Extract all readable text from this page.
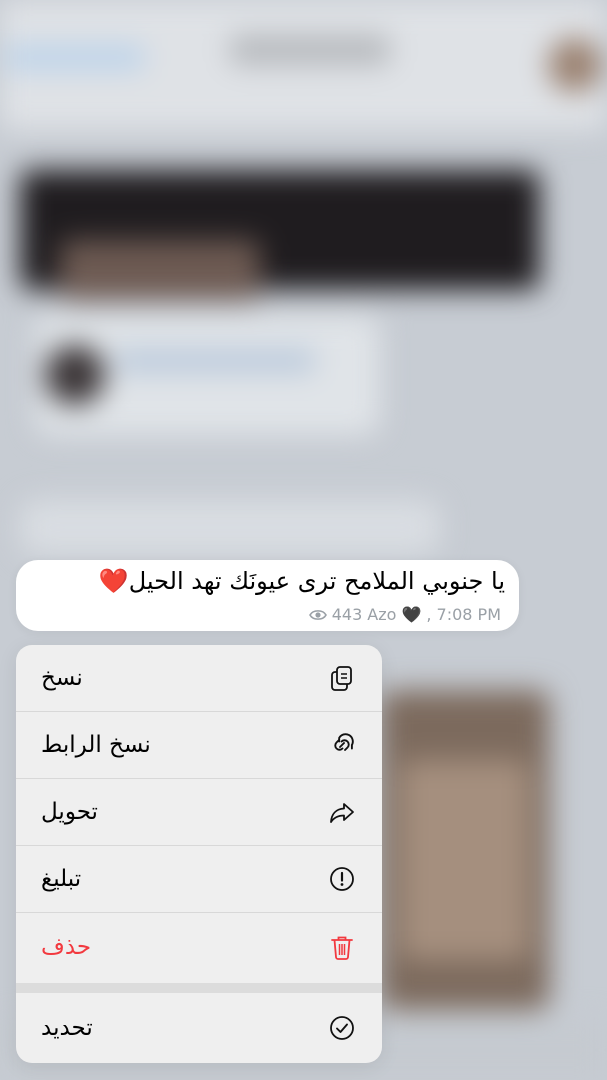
يا جنوبي الملامح ترى عيونَك تهد الحيل❤️
443 Azo 🖤 , 7:08 PM
نسخ
نسخ الرابط
تحويل
تبليغ
حذف
تحديد
